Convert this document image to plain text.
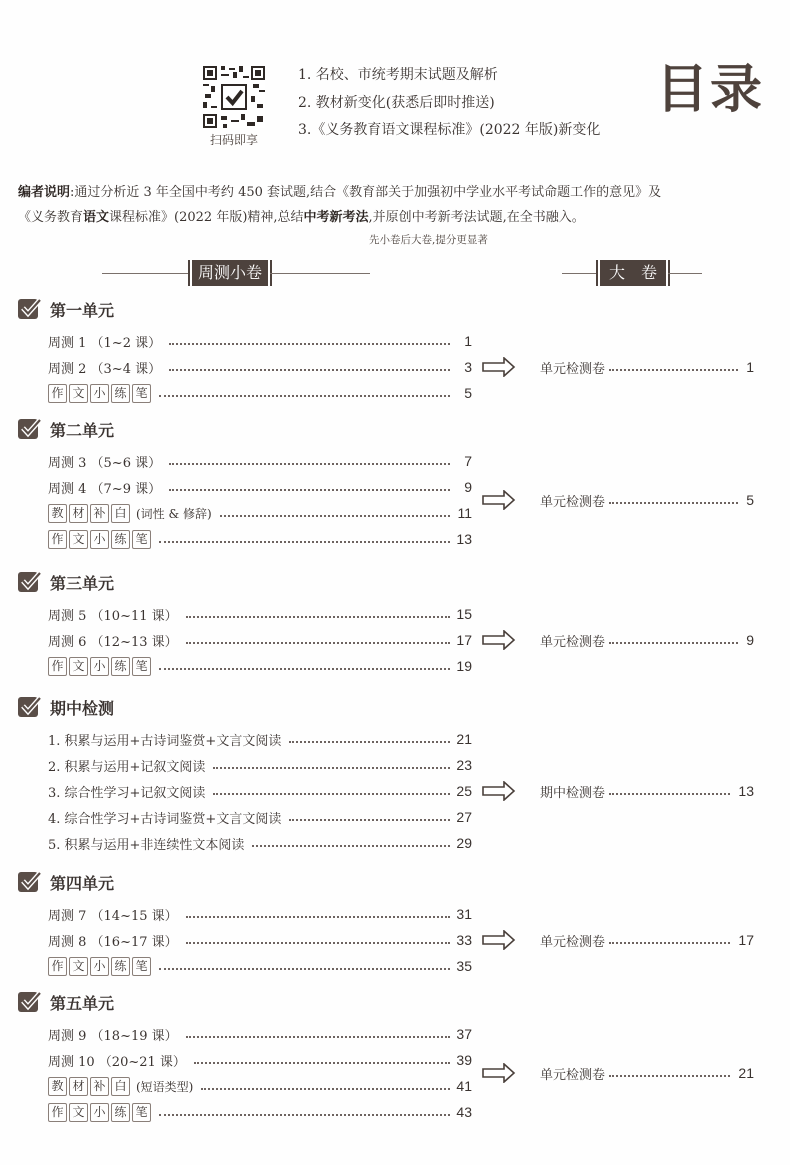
扫码即享
1. 名校、市统考期末试题及解析
2. 教材新变化(获悉后即时推送)
3.《义务教育语文课程标准》(2022 年版)新变化
目录
编者说明:通过分析近 3 年全国中考约 450 套试题,结合《教育部关于加强初中学业水平考试命题工作的意见》及
《义务教育语文课程标准》(2022 年版)精神,总结中考新考法,并原创中考新考法试题,在全书融入。
先小卷后大卷,提分更显著
周测小卷	大　卷
第一单元
周测 1 （1~2 课）	1
周测 2 （3~4 课）	3
作 文 小 练 笔	5
单元检测卷	1
第二单元
周测 3 （5~6 课）	7
周测 4 （7~9 课）	9
教 材 补 白 (词性 & 修辞)	11
作 文 小 练 笔	13
单元检测卷	5
第三单元
周测 5 （10~11 课）	15
周测 6 （12~13 课）	17
作 文 小 练 笔	19
单元检测卷	9
期中检测
1. 积累与运用+古诗词鉴赏+文言文阅读	21
2. 积累与运用+记叙文阅读	23
3. 综合性学习+记叙文阅读	25
4. 综合性学习+古诗词鉴赏+文言文阅读	27
5. 积累与运用+非连续性文本阅读	29
期中检测卷	13
第四单元
周测 7 （14~15 课）	31
周测 8 （16~17 课）	33
作 文 小 练 笔	35
单元检测卷	17
第五单元
周测 9 （18~19 课）	37
周测 10 （20~21 课）	39
教 材 补 白 (短语类型)	41
作 文 小 练 笔	43
单元检测卷	21
